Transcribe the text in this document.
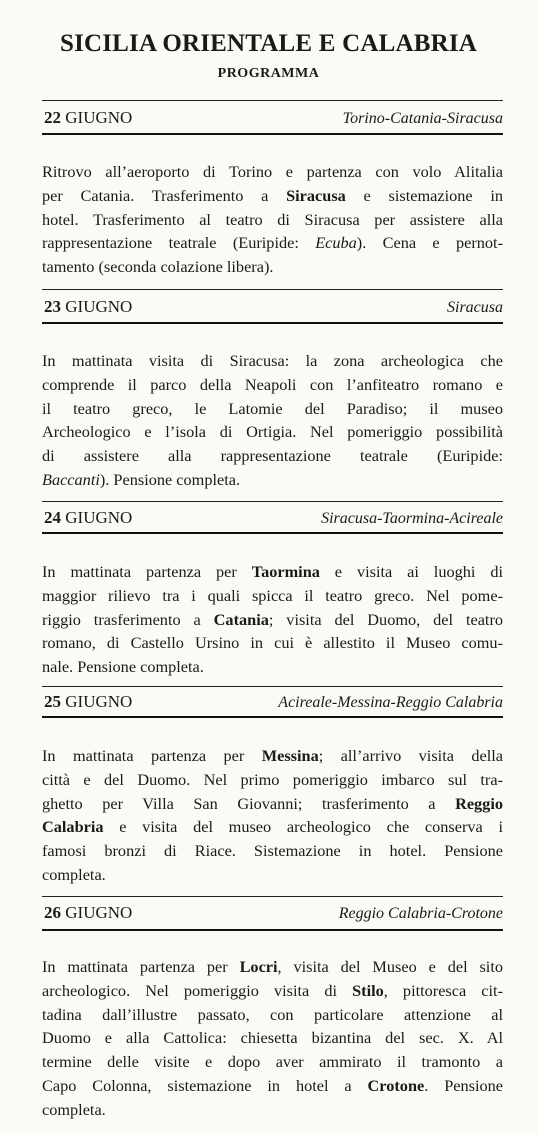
SICILIA ORIENTALE E CALABRIA
PROGRAMMA
22 GIUGNO	Torino-Catania-Siracusa
Ritrovo all’aeroporto di Torino e partenza con volo Alitalia
per Catania. Trasferimento a Siracusa e sistemazione in
hotel. Trasferimento al teatro di Siracusa per assistere alla
rappresentazione teatrale (Euripide: Ecuba). Cena e pernot-
tamento (seconda colazione libera).
23 GIUGNO	Siracusa
In mattinata visita di Siracusa: la zona archeologica che
comprende il parco della Neapoli con l’anfiteatro romano e
il teatro greco, le Latomie del Paradiso; il museo
Archeologico e l’isola di Ortigia. Nel pomeriggio possibilità
di assistere alla rappresentazione teatrale (Euripide:
Baccanti). Pensione completa.
24 GIUGNO	Siracusa-Taormina-Acireale
In mattinata partenza per Taormina e visita ai luoghi di
maggior rilievo tra i quali spicca il teatro greco. Nel pome-
riggio trasferimento a Catania; visita del Duomo, del teatro
romano, di Castello Ursino in cui è allestito il Museo comu-
nale. Pensione completa.
25 GIUGNO	Acireale-Messina-Reggio Calabria
In mattinata partenza per Messina; all’arrivo visita della
città e del Duomo. Nel primo pomeriggio imbarco sul tra-
ghetto per Villa San Giovanni; trasferimento a Reggio
Calabria e visita del museo archeologico che conserva i
famosi bronzi di Riace. Sistemazione in hotel. Pensione
completa.
26 GIUGNO	Reggio Calabria-Crotone
In mattinata partenza per Locri, visita del Museo e del sito
archeologico. Nel pomeriggio visita di Stilo, pittoresca cit-
tadina dall’illustre passato, con particolare attenzione al
Duomo e alla Cattolica: chiesetta bizantina del sec. X. Al
termine delle visite e dopo aver ammirato il tramonto a
Capo Colonna, sistemazione in hotel a Crotone. Pensione
completa.
